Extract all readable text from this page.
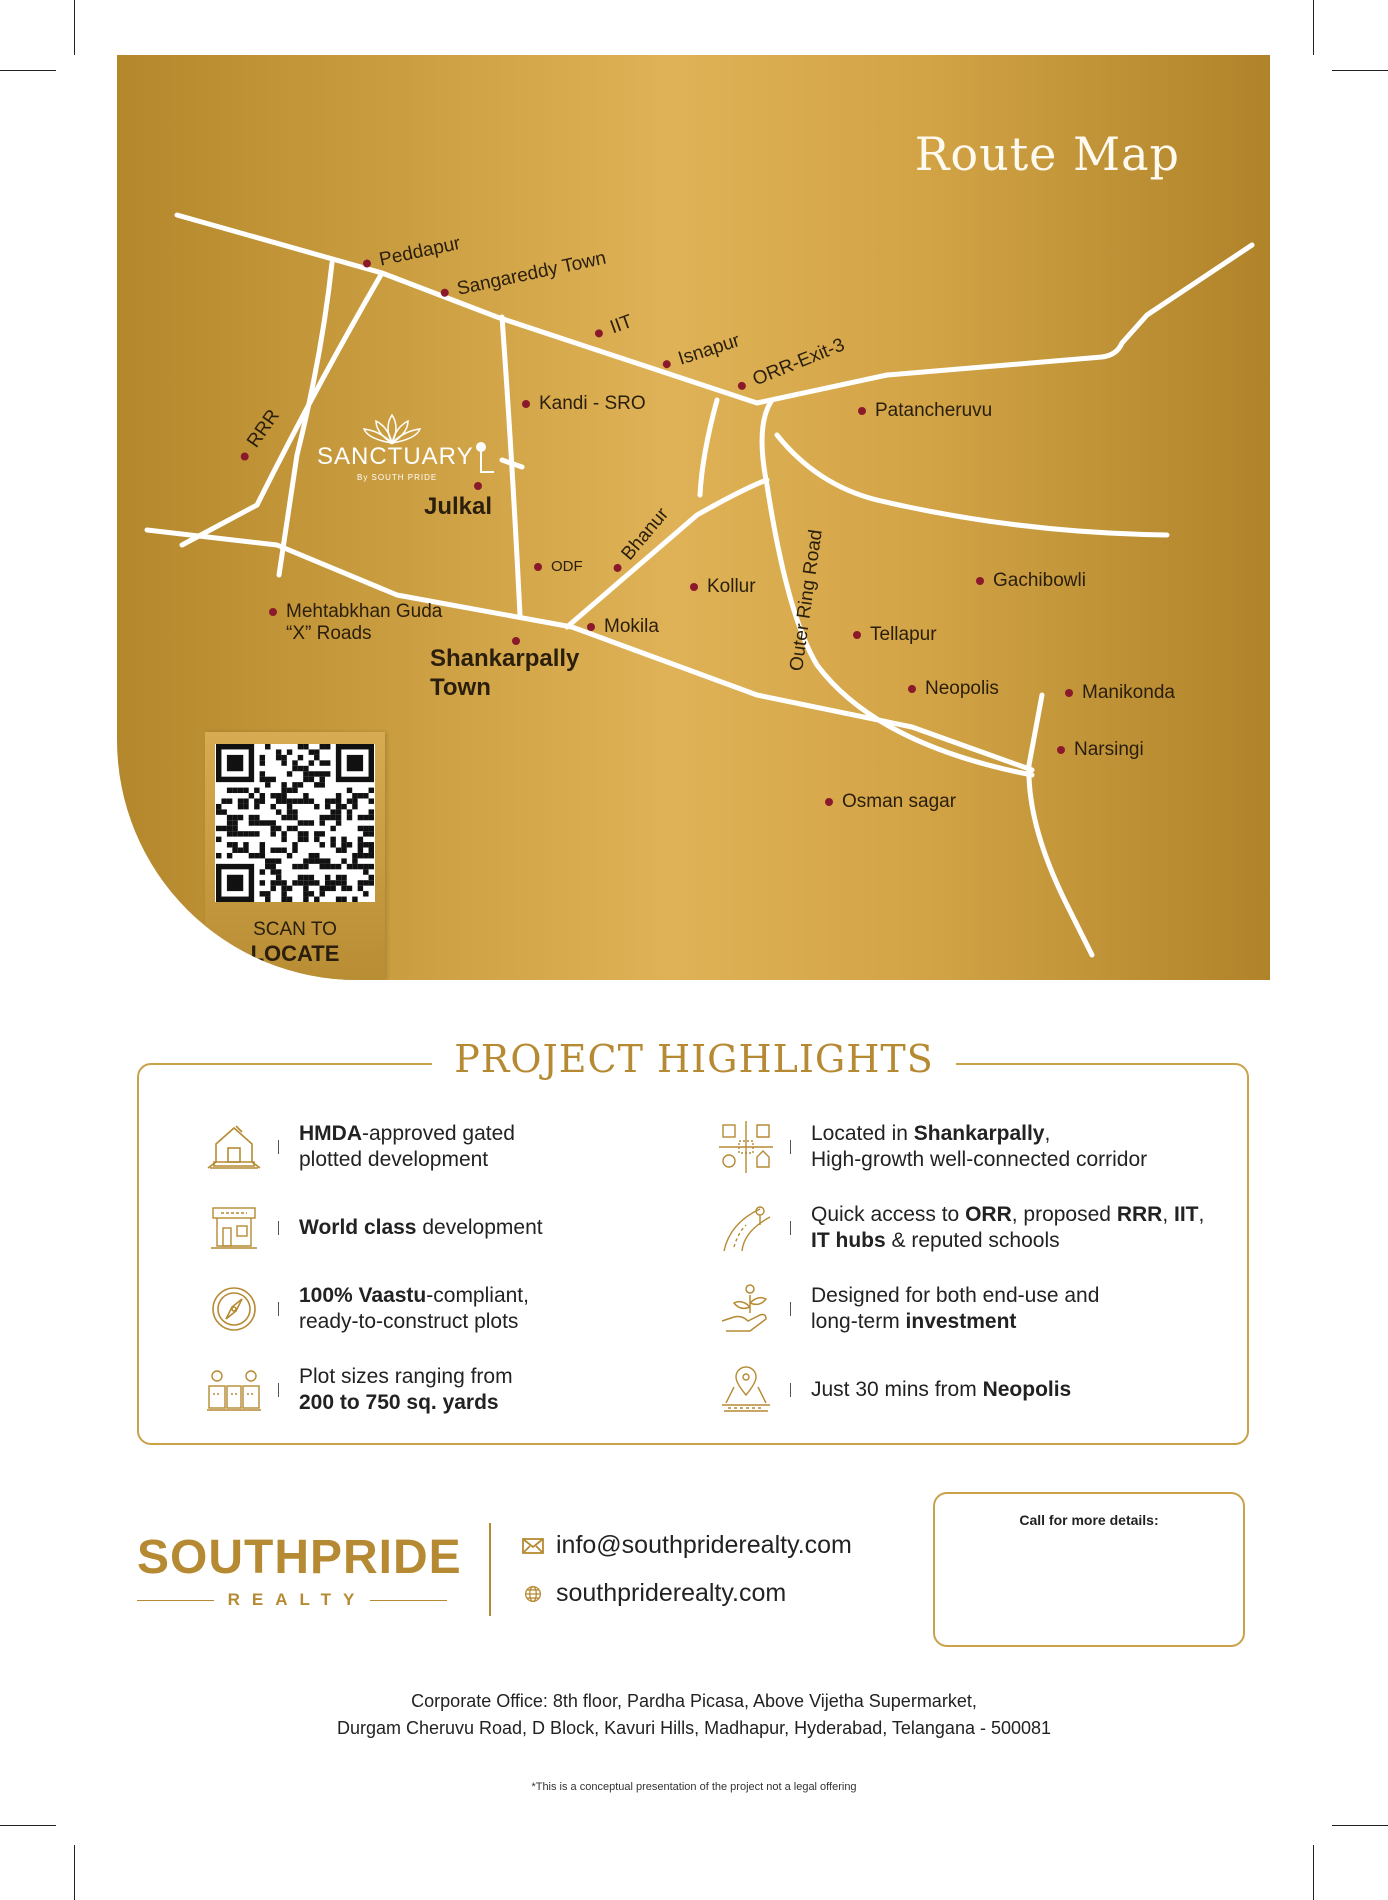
Route Map
Peddapur
Sangareddy Town
IIT
Isnapur ORR-Exit-3
Patancheruvu
Kandi - SRO
RRR
ODF
Bhanur
Kollur	Gachibowli
Mehtabkhan Guda
“X” Roads	Mokila	Tellapur
Neopolis	Manikonda
Narsingi
Osman sagar
Julkal
Shankarpally
Town
Outer Ring Road
SANCTUARY
By SOUTH PRIDE
SCAN TO
LOCATE
PROJECT HIGHLIGHTS
HMDA-approved gated
plotted development
Located in Shankarpally,
High-growth well-connected corridor
World class development
Quick access to ORR, proposed RRR, IIT,
IT hubs & reputed schools
100% Vaastu-compliant,
ready-to-construct plots
Designed for both end-use and
long-term investment
Plot sizes ranging from
200 to 750 sq. yards
Just 30 mins from Neopolis
SOUTHPRIDE
REALTY
info@southpriderealty.com
southpriderealty.com
Call for more details:
Corporate Office: 8th floor, Pardha Picasa, Above Vijetha Supermarket,
Durgam Cheruvu Road, D Block, Kavuri Hills, Madhapur, Hyderabad, Telangana - 500081
*This is a conceptual presentation of the project not a legal offering
